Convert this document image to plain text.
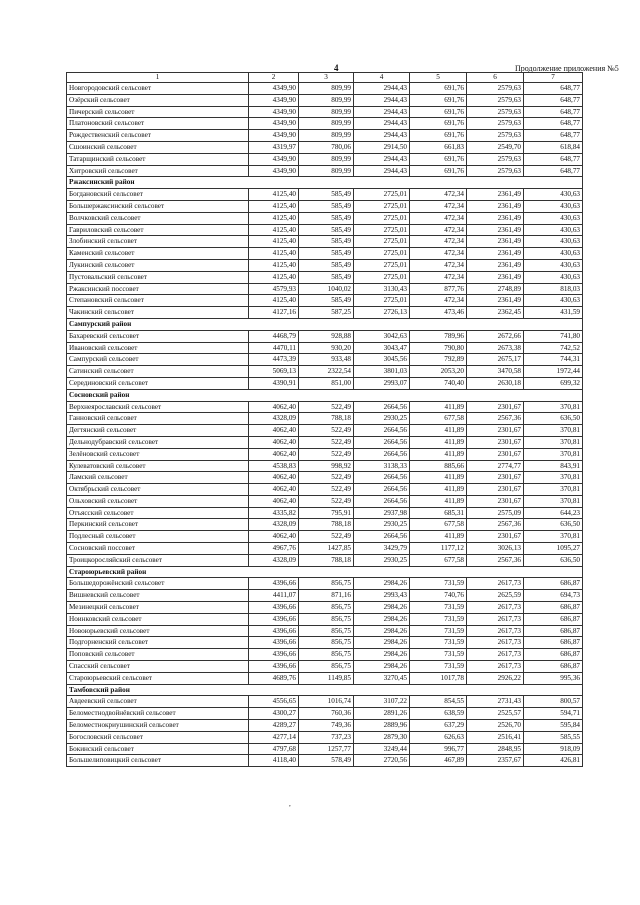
4	Продолжение приложения №5
1	2	3	4	5	6	7
Новгородовский сельсовет	4349,90	809,99	2944,43	691,76	2579,63	648,77
Озёрский сельсовет	4349,90	809,99	2944,43	691,76	2579,63	648,77
Пичерский сельсовет	4349,90	809,99	2944,43	691,76	2579,63	648,77
Платоновский сельсовет	4349,90	809,99	2944,43	691,76	2579,63	648,77
Рождественский сельсовет	4349,90	809,99	2944,43	691,76	2579,63	648,77
Сшоинский сельсовет	4319,97	780,06	2914,50	661,83	2549,70	618,84
Татарщинский сельсовет	4349,90	809,99	2944,43	691,76	2579,63	648,77
Хитровский сельсовет	4349,90	809,99	2944,43	691,76	2579,63	648,77
Ржаксинский район						
Богдановский сельсовет	4125,40	585,49	2725,01	472,34	2361,49	430,63
Большержаксинский сельсовет	4125,40	585,49	2725,01	472,34	2361,49	430,63
Волчковский сельсовет	4125,40	585,49	2725,01	472,34	2361,49	430,63
Гавриловский сельсовет	4125,40	585,49	2725,01	472,34	2361,49	430,63
Злобинский сельсовет	4125,40	585,49	2725,01	472,34	2361,49	430,63
Каменский сельсовет	4125,40	585,49	2725,01	472,34	2361,49	430,63
Лукинский сельсовет	4125,40	585,49	2725,01	472,34	2361,49	430,63
Пустовальский сельсовет	4125,40	585,49	2725,01	472,34	2361,49	430,63
Ржаксинский поссовет	4579,93	1040,02	3130,43	877,76	2748,89	818,03
Степановский сельсовет	4125,40	585,49	2725,01	472,34	2361,49	430,63
Чакинский сельсовет	4127,16	587,25	2726,13	473,46	2362,45	431,59
Сампурский район						
Бахаревский сельсовет	4468,79	928,88	3042,63	789,96	2672,66	741,80
Ивановский сельсовет	4470,11	930,20	3043,47	790,80	2673,38	742,52
Сампурский сельсовет	4473,39	933,48	3045,56	792,89	2675,17	744,31
Сатинский сельсовет	5069,13	2322,54	3801,03	2053,20	3470,58	1972,44
Серединовский сельсовет	4390,91	851,00	2993,07	740,40	2630,18	699,32
Сосновский район						
Верхнеярославский сельсовет	4062,40	522,49	2664,56	411,89	2301,67	370,81
Ганновский сельсовет	4328,09	788,18	2930,25	677,58	2567,36	636,50
Дегтянский сельсовет	4062,40	522,49	2664,56	411,89	2301,67	370,81
Дельнодубравский сельсовет	4062,40	522,49	2664,56	411,89	2301,67	370,81
Зелёновский сельсовет	4062,40	522,49	2664,56	411,89	2301,67	370,81
Кулеватовский сельсовет	4538,83	998,92	3138,33	885,66	2774,77	843,91
Ламский сельсовет	4062,40	522,49	2664,56	411,89	2301,67	370,81
Октябрьский сельсовет	4062,40	522,49	2664,56	411,89	2301,67	370,81
Ольховский сельсовет	4062,40	522,49	2664,56	411,89	2301,67	370,81
Отъясский сельсовет	4335,82	795,91	2937,98	685,31	2575,09	644,23
Перкинский сельсовет	4328,09	788,18	2930,25	677,58	2567,36	636,50
Подлесный сельсовет	4062,40	522,49	2664,56	411,89	2301,67	370,81
Сосновский поссовет	4967,76	1427,85	3429,79	1177,12	3026,13	1095,27
Троицкоросляйский сельсовет	4328,09	788,18	2930,25	677,58	2567,36	636,50
Староюрьевский район						
Большедорожёнский сельсовет	4396,66	856,75	2984,26	731,59	2617,73	686,87
Вишневский сельсовет	4411,07	871,16	2993,43	740,76	2625,59	694,73
Мезинецкий сельсовет	4396,66	856,75	2984,26	731,59	2617,73	686,87
Ноинковский сельсовет	4396,66	856,75	2984,26	731,59	2617,73	686,87
Новоюрьевский сельсовет	4396,66	856,75	2984,26	731,59	2617,73	686,87
Подгорненский сельсовет	4396,66	856,75	2984,26	731,59	2617,73	686,87
Поповский сельсовет	4396,66	856,75	2984,26	731,59	2617,73	686,87
Спасский сельсовет	4396,66	856,75	2984,26	731,59	2617,73	686,87
Староюрьевский сельсовет	4689,76	1149,85	3270,45	1017,78	2926,22	995,36
Тамбовский район						
Авдеевский сельсовет	4556,65	1016,74	3107,22	854,55	2731,43	800,57
Беломестнодвойнёвский сельсовет	4300,27	760,36	2891,26	638,59	2525,57	594,71
Беломестнокриушинский сельсовет	4289,27	749,36	2889,96	637,29	2526,70	595,84
Богословский сельсовет	4277,14	737,23	2879,30	626,63	2516,41	585,55
Бокинский сельсовет	4797,68	1257,77	3249,44	996,77	2848,95	918,09
Большелиповицкий сельсовет	4118,40	578,49	2720,56	467,89	2357,67	426,81
,
